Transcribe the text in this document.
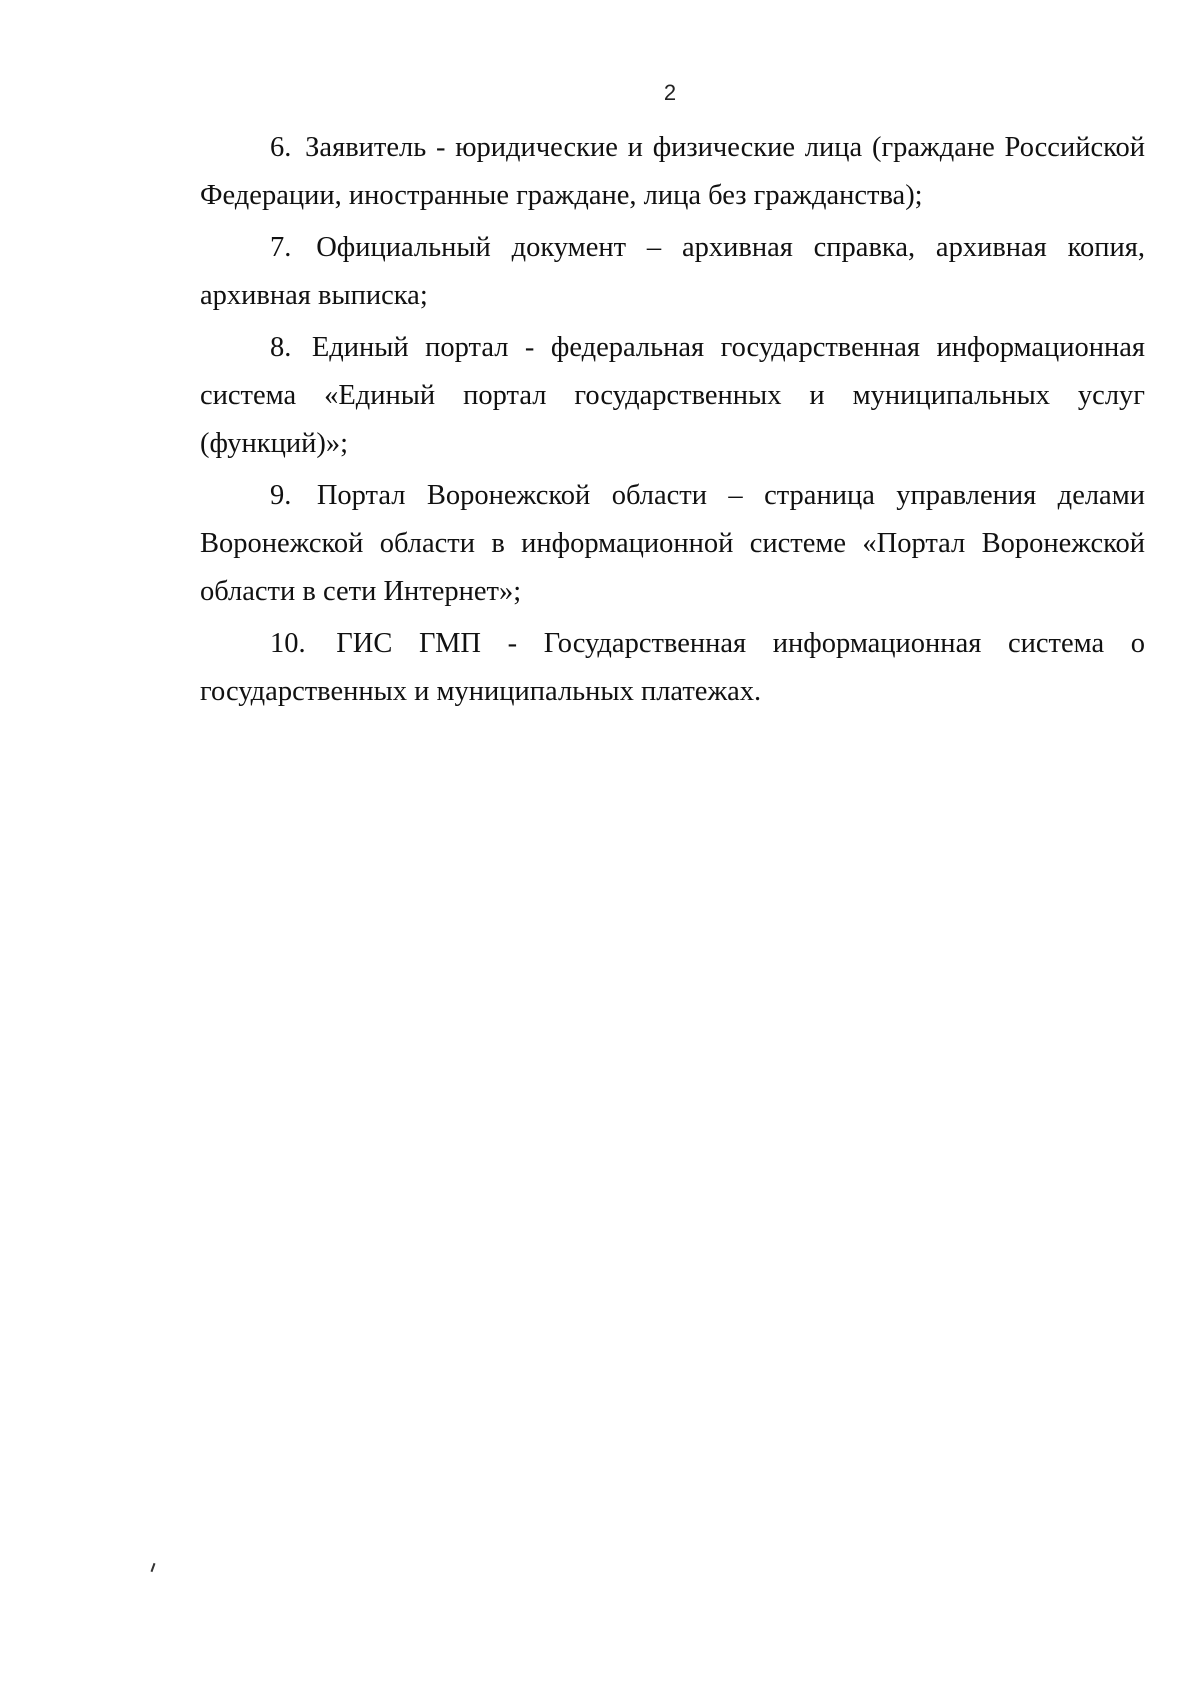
2

6. Заявитель - юридические и физические лица (граждане Российской Федерации, иностранные граждане, лица без гражданства);

7. Официальный документ – архивная справка, архивная копия, архивная выписка;

8. Единый портал - федеральная государственная информационная система «Единый портал государственных и муниципальных услуг (функций)»;

9. Портал Воронежской области – страница управления делами Воронежской области в информационной системе «Портал Воронежской области в сети Интернет»;

10. ГИС ГМП - Государственная информационная система о государственных и муниципальных платежах.
